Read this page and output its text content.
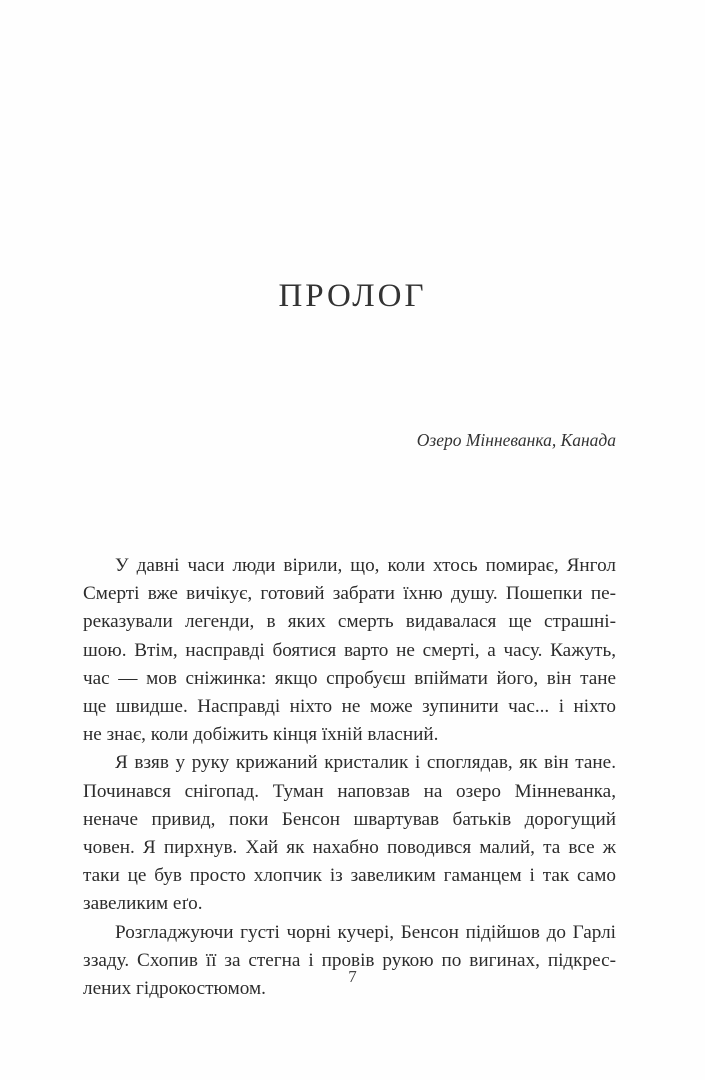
ПРОЛОГ
Озеро Мінневанка, Канада
У давні часи люди вірили, що, коли хтось помирає, Янгол
Смерті вже вичікує, готовий забрати їхню душу. Пошепки пе-
реказували легенди, в яких смерть видавалася ще страшні-
шою. Втім, насправді боятися варто не смерті, а часу. Кажуть,
час — мов сніжинка: якщо спробуєш впіймати його, він тане
ще швидше. Насправді ніхто не може зупинити час... і ніхто
не знає, коли добіжить кінця їхній власний.
Я взяв у руку крижаний кристалик і споглядав, як він тане.
Починався снігопад. Туман наповзав на озеро Мінневанка,
неначе привид, поки Бенсон швартував батьків дорогущий
човен. Я пирхнув. Хай як нахабно поводився малий, та все ж
таки це був просто хлопчик із завеликим гаманцем і так само
завеликим еґо.
Розгладжуючи густі чорні кучері, Бенсон підійшов до Гарлі
ззаду. Схопив її за стегна і провів рукою по вигинах, підкрес-
лених гідрокостюмом.
7
